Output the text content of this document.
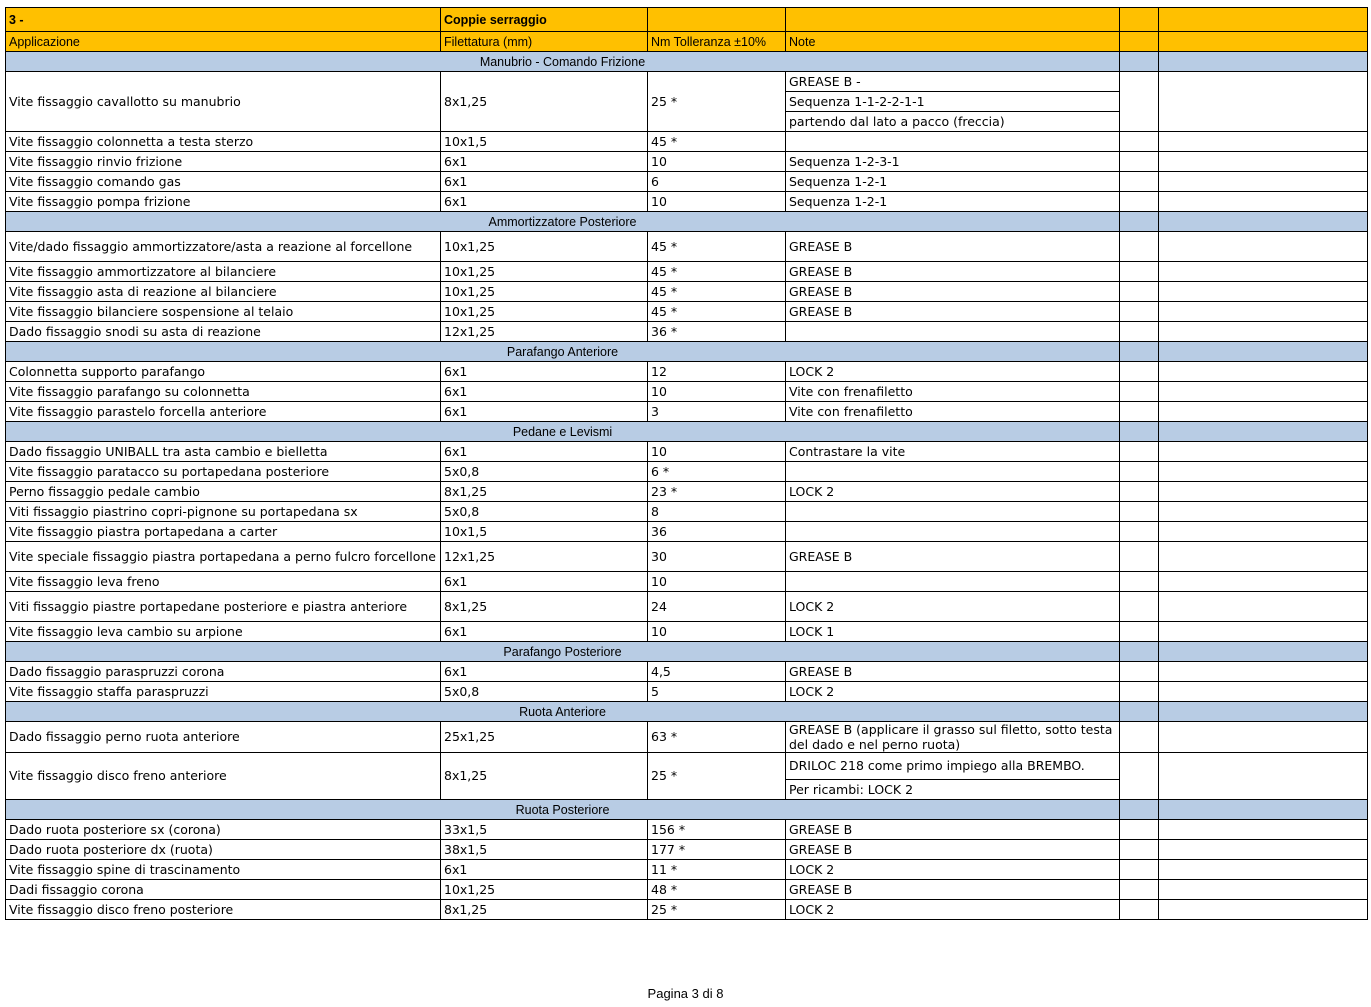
3 -	Coppie serraggio				
Applicazione	Filettatura (mm)	Nm Tolleranza ±10%	Note		
Manubrio - Comando Frizione					
Vite fissaggio cavallotto su manubrio	8x1,25	25 *	GREASE B -		
			Sequenza 1-1-2-2-1-1		
			partendo dal lato a pacco (freccia)		
Vite fissaggio colonnetta a testa sterzo	10x1,5	45 *			
Vite fissaggio rinvio frizione	6x1	10	Sequenza 1-2-3-1		
Vite fissaggio comando gas	6x1	6	Sequenza 1-2-1		
Vite fissaggio pompa frizione	6x1	10	Sequenza 1-2-1		
Ammortizzatore Posteriore					
Vite/dado fissaggio ammortizzatore/asta a reazione al forcellone	10x1,25	45 *	GREASE B		
Vite fissaggio ammortizzatore al bilanciere	10x1,25	45 *	GREASE B		
Vite fissaggio asta di reazione al bilanciere	10x1,25	45 *	GREASE B		
Vite fissaggio bilanciere sospensione al telaio	10x1,25	45 *	GREASE B		
Dado fissaggio snodi su asta di reazione	12x1,25	36 *			
Parafango Anteriore					
Colonnetta supporto parafango	6x1	12	LOCK 2		
Vite fissaggio parafango su colonnetta	6x1	10	Vite con frenafiletto		
Vite fissaggio parastelo forcella anteriore	6x1	3	Vite con frenafiletto		
Pedane e Levismi					
Dado fissaggio UNIBALL tra asta cambio e bielletta	6x1	10	Contrastare la vite		
Vite fissaggio paratacco su portapedana posteriore	5x0,8	6 *			
Perno fissaggio pedale cambio	8x1,25	23 *	LOCK 2		
Viti fissaggio piastrino copri-pignone su portapedana sx	5x0,8	8			
Vite fissaggio piastra portapedana a carter	10x1,5	36			
Vite speciale fissaggio piastra portapedana a perno fulcro forcellone	12x1,25	30	GREASE B		
Vite fissaggio leva freno	6x1	10			
Viti fissaggio piastre portapedane posteriore e piastra anteriore	8x1,25	24	LOCK 2		
Vite fissaggio leva cambio su arpione	6x1	10	LOCK 1		
Parafango Posteriore					
Dado fissaggio paraspruzzi corona	6x1	4,5	GREASE B		
Vite fissaggio staffa paraspruzzi	5x0,8	5	LOCK 2		
Ruota Anteriore					
Dado fissaggio perno ruota anteriore	25x1,25	63 *	GREASE B (applicare il grasso sul filetto, sotto testa del dado e nel perno ruota)		
Vite fissaggio disco freno anteriore	8x1,25	25 *	DRILOC 218 come primo impiego alla BREMBO.		
			Per ricambi: LOCK 2		
Ruota Posteriore					
Dado ruota posteriore sx (corona)	33x1,5	156 *	GREASE B		
Dado ruota posteriore dx (ruota)	38x1,5	177 *	GREASE B		
Vite fissaggio spine di trascinamento	6x1	11 *	LOCK 2		
Dadi fissaggio corona	10x1,25	48 *	GREASE B		
Vite fissaggio disco freno posteriore	8x1,25	25 *	LOCK 2		
Pagina 3 di 8
